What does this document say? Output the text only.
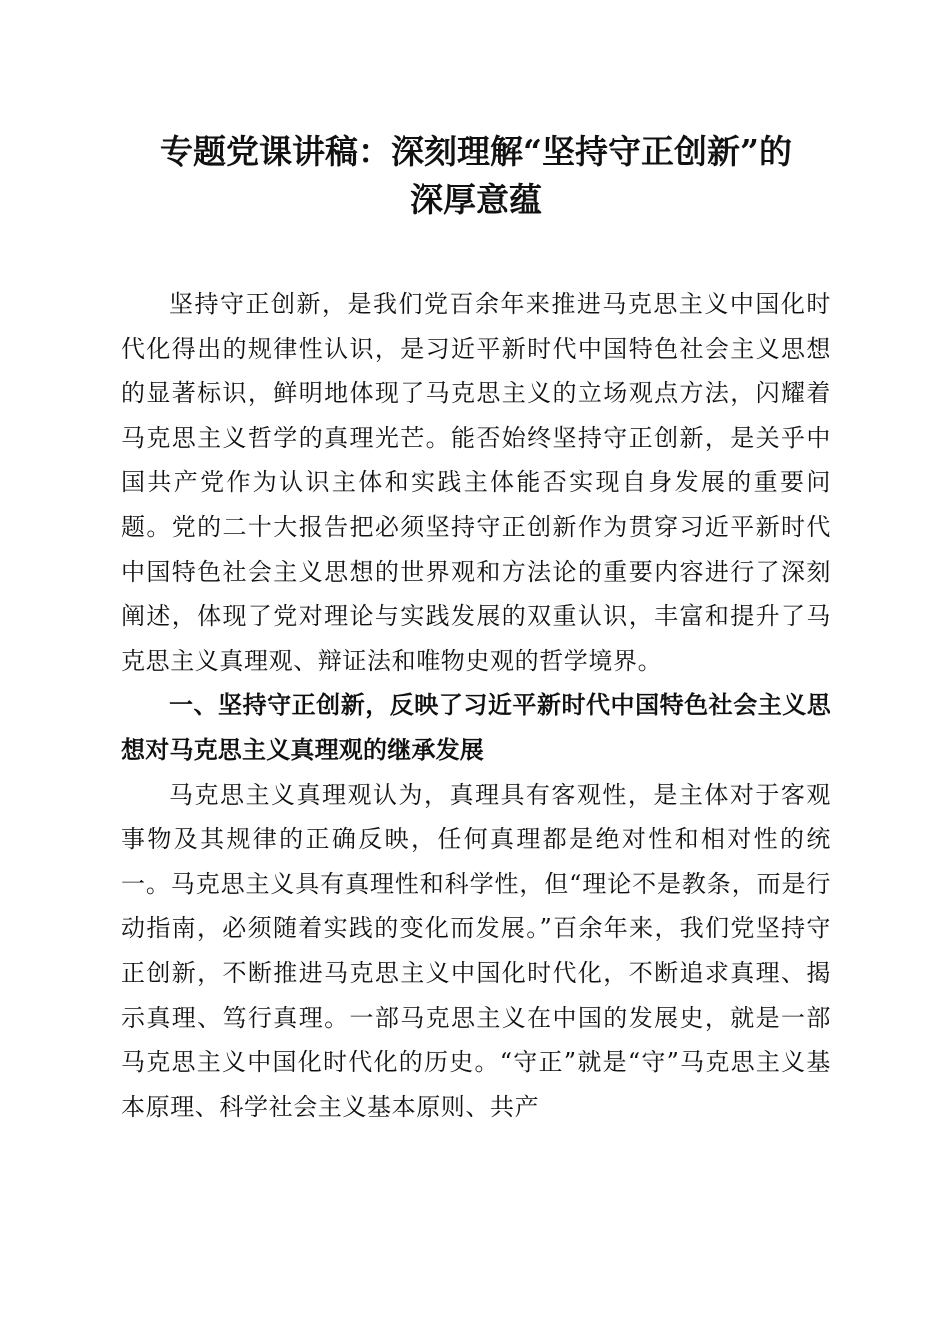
专题党课讲稿：深刻理解“坚持守正创新”的
深厚意蕴

坚持守正创新，是我们党百余年来推进马克思主义中国化时代化得出的规律性认识，是习近平新时代中国特色社会主义思想的显著标识，鲜明地体现了马克思主义的立场观点方法，闪耀着马克思主义哲学的真理光芒。能否始终坚持守正创新，是关乎中国共产党作为认识主体和实践主体能否实现自身发展的重要问题。党的二十大报告把必须坚持守正创新作为贯穿习近平新时代中国特色社会主义思想的世界观和方法论的重要内容进行了深刻阐述，体现了党对理论与实践发展的双重认识，丰富和提升了马克思主义真理观、辩证法和唯物史观的哲学境界。

一、坚持守正创新，反映了习近平新时代中国特色社会主义思想对马克思主义真理观的继承发展

马克思主义真理观认为，真理具有客观性，是主体对于客观事物及其规律的正确反映，任何真理都是绝对性和相对性的统一。马克思主义具有真理性和科学性，但“理论不是教条，而是行动指南，必须随着实践的变化而发展。”百余年来，我们党坚持守正创新，不断推进马克思主义中国化时代化，不断追求真理、揭示真理、笃行真理。一部马克思主义在中国的发展史，就是一部马克思主义中国化时代化的历史。“守正”就是“守”马克思主义基本原理、科学社会主义基本原则、共产
